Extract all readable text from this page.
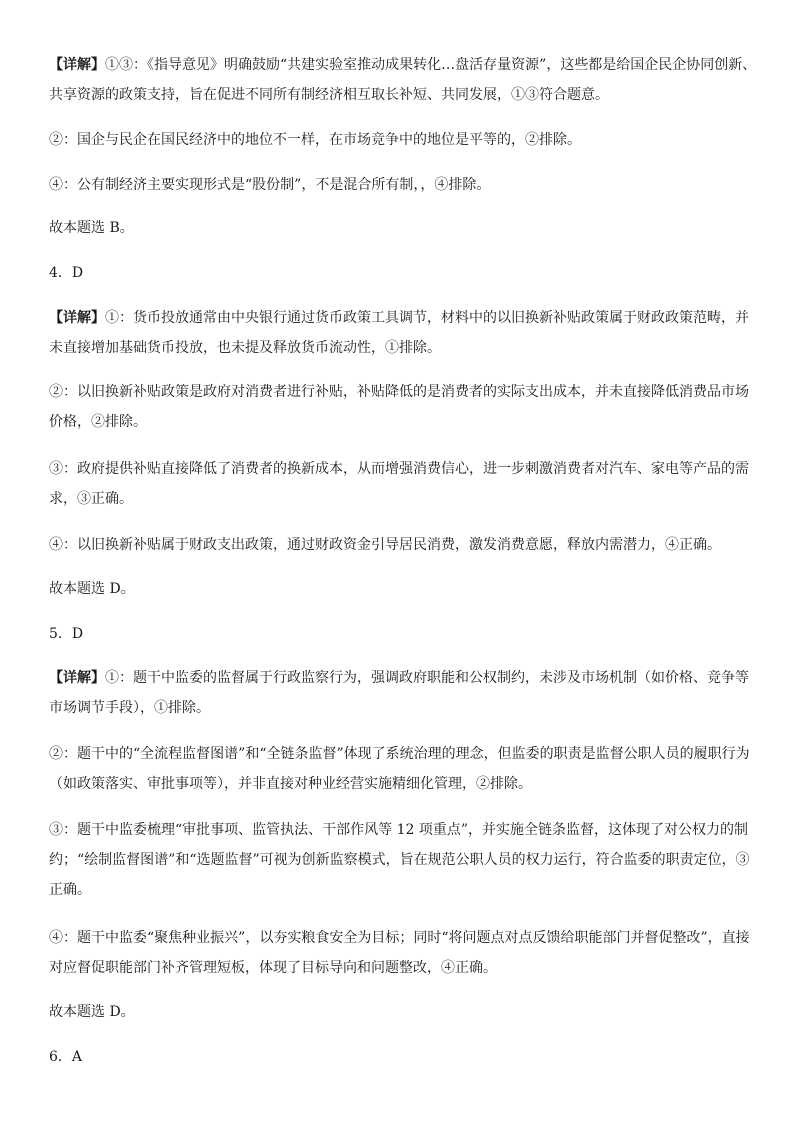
【详解】①③：《指导意见》明确鼓励“共建实验室推动成果转化…盘活存量资源”，这些都是给国企民企协同创新、
共享资源的政策支持，旨在促进不同所有制经济相互取长补短、共同发展，①③符合题意。

②：国企与民企在国民经济中的地位不一样，在市场竞争中的地位是平等的，②排除。

④：公有制经济主要实现形式是“股份制”，不是混合所有制，，④排除。

故本题选 B。

4．D

【详解】①：货币投放通常由中央银行通过货币政策工具调节，材料中的以旧换新补贴政策属于财政政策范畴，并
未直接增加基础货币投放，也未提及释放货币流动性，①排除。

②：以旧换新补贴政策是政府对消费者进行补贴，补贴降低的是消费者的实际支出成本，并未直接降低消费品市场
价格，②排除。

③：政府提供补贴直接降低了消费者的换新成本，从而增强消费信心，进一步刺激消费者对汽车、家电等产品的需
求，③正确。

④：以旧换新补贴属于财政支出政策，通过财政资金引导居民消费，激发消费意愿，释放内需潜力，④正确。

故本题选 D。

5．D

【详解】①：题干中监委的监督属于行政监察行为，强调政府职能和公权制约，未涉及市场机制（如价格、竞争等
市场调节手段），①排除。

②：题干中的“全流程监督图谱”和“全链条监督”体现了系统治理的理念，但监委的职责是监督公职人员的履职行为
（如政策落实、审批事项等），并非直接对种业经营实施精细化管理，②排除。

③：题干中监委梳理“审批事项、监管执法、干部作风等 12 项重点”，并实施全链条监督，这体现了对公权力的制
约；“绘制监督图谱”和“选题监督”可视为创新监察模式，旨在规范公职人员的权力运行，符合监委的职责定位，③
正确。

④：题干中监委“聚焦种业振兴”，以夯实粮食安全为目标；同时“将问题点对点反馈给职能部门并督促整改”，直接
对应督促职能部门补齐管理短板，体现了目标导向和问题整改，④正确。

故本题选 D。

6．A
